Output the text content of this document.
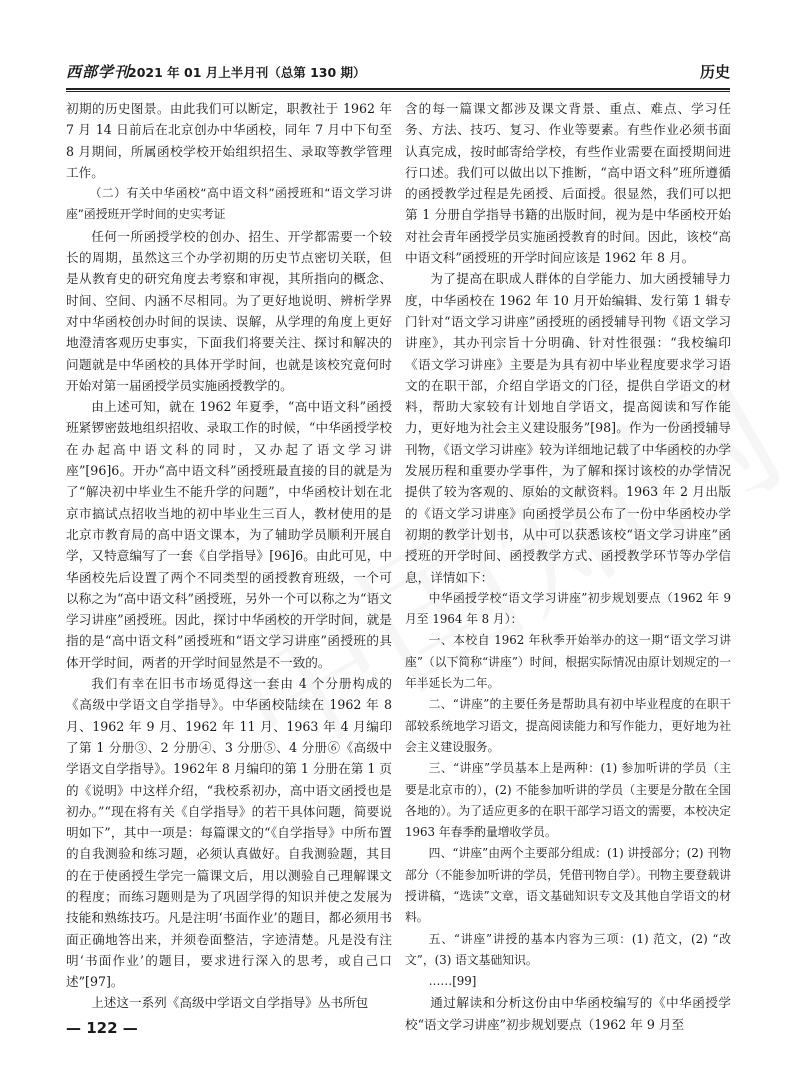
西部学刊
2021 年 01 月上半月刊（总第 130 期）	历史

初期的历史图景。由此我们可以断定，职教社于 1962 年 7 月 14 日前后在北京创办中华函校，同年 7 月中下旬至 8 月期间，所属函校学校开始组织招生、录取等教学管理工作。

（二）有关中华函校“高中语文科”函授班和“语文学习讲座”函授班开学时间的史实考证

任何一所函授学校的创办、招生、开学都需要一个较长的周期，虽然这三个办学初期的历史节点密切关联，但是从教育史的研究角度去考察和审视，其所指向的概念、时间、空间、内涵不尽相同。为了更好地说明、辨析学界对中华函校创办时间的误读、误解，从学理的角度上更好地澄清客观历史事实，下面我们将要关注、探讨和解决的问题就是中华函校的具体开学时间，也就是该校究竟何时开始对第一届函授学员实施函授教学的。

由上述可知，就在 1962 年夏季，“高中语文科”函授班紧锣密鼓地组织招收、录取工作的时候，“中华函授学校在办起高中语文科的同时，又办起了语文学习讲座”[96]6。开办“高中语文科”函授班最直接的目的就是为了“解决初中毕业生不能升学的问题”，中华函校计划在北京市搞试点招收当地的初中毕业生三百人，教材使用的是北京市教育局的高中语文课本，为了辅助学员顺利开展自学，又特意编写了一套《自学指导》[96]6。由此可见，中华函校先后设置了两个不同类型的函授教育班级，一个可以称之为“高中语文科”函授班，另外一个可以称之为“语文学习讲座”函授班。因此，探讨中华函校的开学时间，就是指的是“高中语文科”函授班和“语文学习讲座”函授班的具体开学时间，两者的开学时间显然是不一致的。

我们有幸在旧书市场觅得这一套由 4 个分册构成的《高级中学语文自学指导》。中华函校陆续在 1962 年 8 月、1962 年 9 月、1962 年 11 月、1963 年 4 月编印了第 1 分册③、2 分册④、3 分册⑤、4 分册⑥《高级中学语文自学指导》。1962年 8 月编印的第 1 分册在第 1 页的《说明》中这样介绍，“我校系初办，高中语文函授也是初办。”“现在将有关《自学指导》的若干具体问题，简要说明如下”，其中一项是：每篇课文的“《自学指导》中所布置的自我测验和练习题，必须认真做好。自我测验题，其目的在于使函授生学完一篇课文后，用以测验自己理解课文的程度；而练习题则是为了巩固学得的知识并使之发展为技能和熟练技巧。凡是注明‘书面作业’的题目，都必须用书面正确地答出来，并须卷面整洁，字迹清楚。凡是没有注明‘书面作业’的题目，要求进行深入的思考，或自己口述”[97]。

上述这一系列《高级中学语文自学指导》丛书所包

含的每一篇课文都涉及课文背景、重点、难点、学习任务、方法、技巧、复习、作业等要素。有些作业必须书面认真完成，按时邮寄给学校，有些作业需要在面授期间进行口述。我们可以做出以下推断，“高中语文科”班所遵循的函授教学过程是先函授、后面授。很显然，我们可以把第 1 分册自学指导书籍的出版时间，视为是中华函校开始对社会青年函授学员实施函授教育的时间。因此，该校“高中语文科”函授班的开学时间应该是 1962 年 8 月。

为了提高在职成人群体的自学能力、加大函授辅导力度，中华函校在 1962 年 10 月开始编辑、发行第 1 辑专门针对“语文学习讲座”函授班的函授辅导刊物《语文学习讲座》，其办刊宗旨十分明确、针对性很强：“我校编印《语文学习讲座》主要是为具有初中毕业程度要求学习语文的在职干部，介绍自学语文的门径，提供自学语文的材料，帮助大家较有计划地自学语文，提高阅读和写作能力，更好地为社会主义建设服务”[98]。作为一份函授辅导刊物，《语文学习讲座》较为详细地记载了中华函校的办学发展历程和重要办学事件，为了解和探讨该校的办学情况提供了较为客观的、原始的文献资料。1963 年 2 月出版的《语文学习讲座》向函授学员公布了一份中华函校办学初期的教学计划书，从中可以获悉该校“语文学习讲座”函授班的开学时间、函授教学方式、函授教学环节等办学信息，详情如下：

中华函授学校“语文学习讲座”初步规划要点（1962 年 9 月至 1964 年 8 月）：

一、本校自 1962 年秋季开始举办的这一期“语文学习讲座”（以下简称“讲座”）时间，根据实际情况由原计划规定的一年半延长为二年。

二、“讲座”的主要任务是帮助具有初中毕业程度的在职干部较系统地学习语文，提高阅读能力和写作能力，更好地为社会主义建设服务。

三、“讲座”学员基本上是两种：(1) 参加听讲的学员（主要是北京市的），(2) 不能参加听讲的学员（主要是分散在全国各地的）。为了适应更多的在职干部学习语文的需要，本校决定 1963 年春季酌量增收学员。

四、“讲座”由两个主要部分组成：(1) 讲授部分；(2) 刊物部分（不能参加听讲的学员，凭借刊物自学）。刊物主要登载讲授讲稿，“选读”文章，语文基础知识专文及其他自学语文的材料。

五、“讲座”讲授的基本内容为三项：(1) 范文，(2) “改文”，(3) 语文基础知识。

……[99]

通过解读和分析这份由中华函校编写的《中华函授学校“语文学习讲座”初步规划要点（1962 年 9 月至

— 122 —
